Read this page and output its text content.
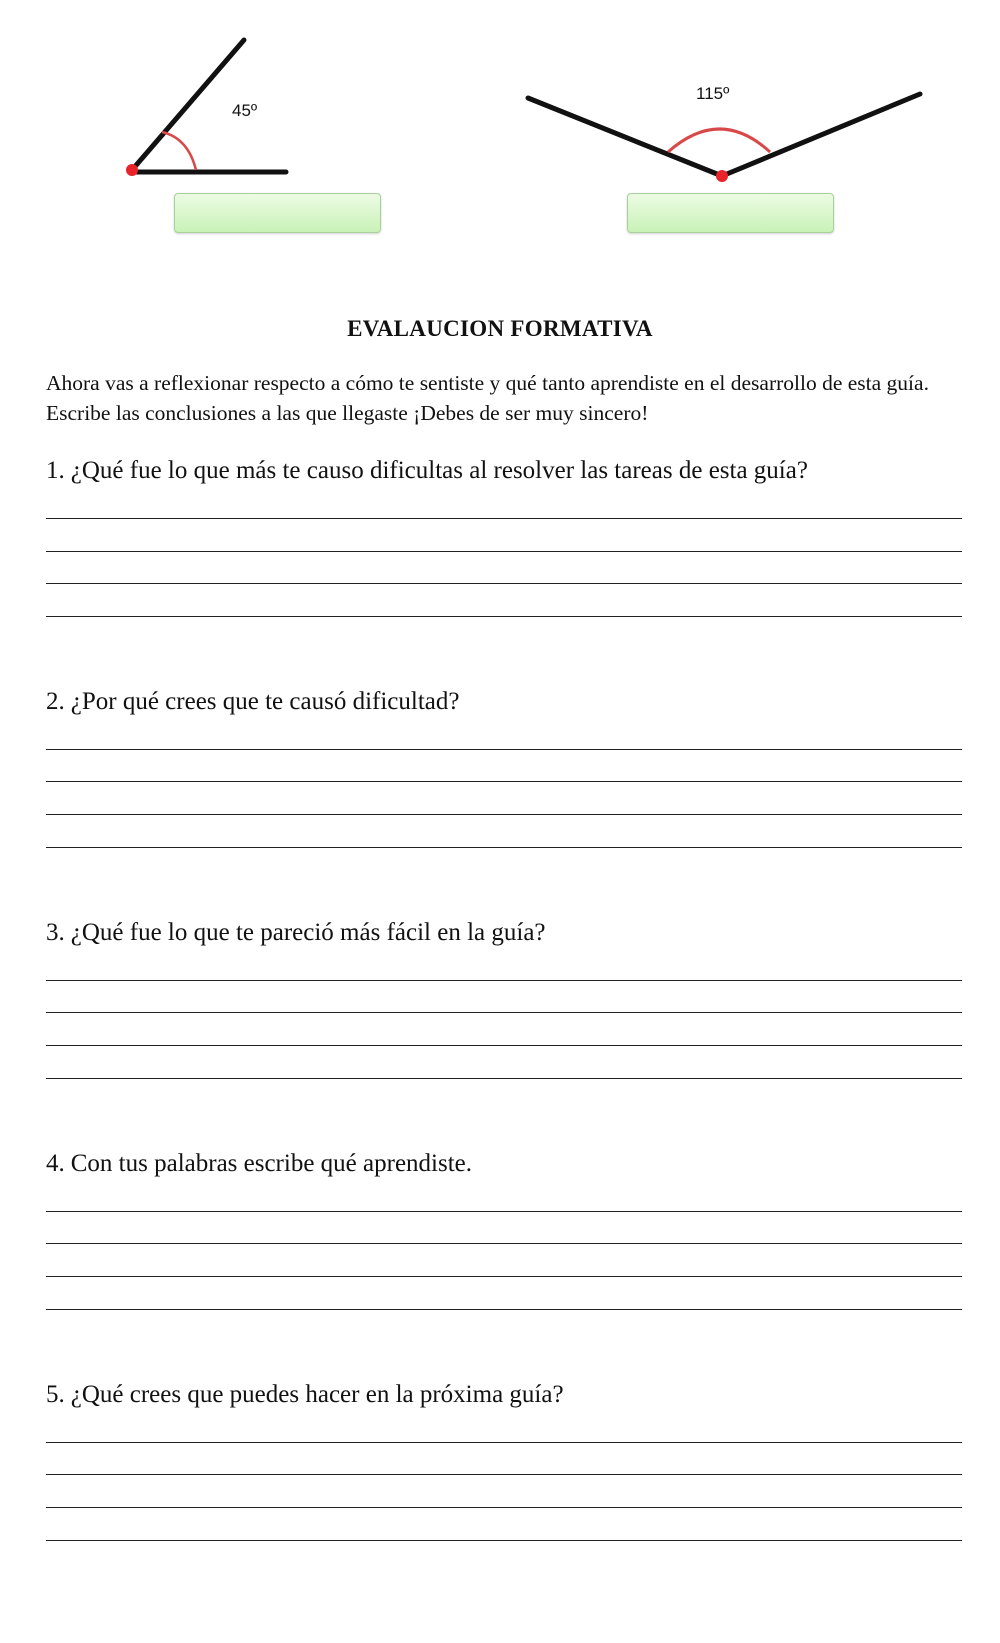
45º
115º
EVALAUCION FORMATIVA
Ahora vas a reflexionar respecto a cómo te sentiste y qué tanto aprendiste en el desarrollo de esta guía. Escribe las conclusiones a las que llegaste ¡Debes de ser muy sincero!
1. ¿Qué fue lo que más te causo dificultas al resolver las tareas de esta guía?
2. ¿Por qué crees que te causó dificultad?
3. ¿Qué fue lo que te pareció más fácil en la guía?
4. Con tus palabras escribe qué aprendiste.
5. ¿Qué crees que puedes hacer en la próxima guía?
